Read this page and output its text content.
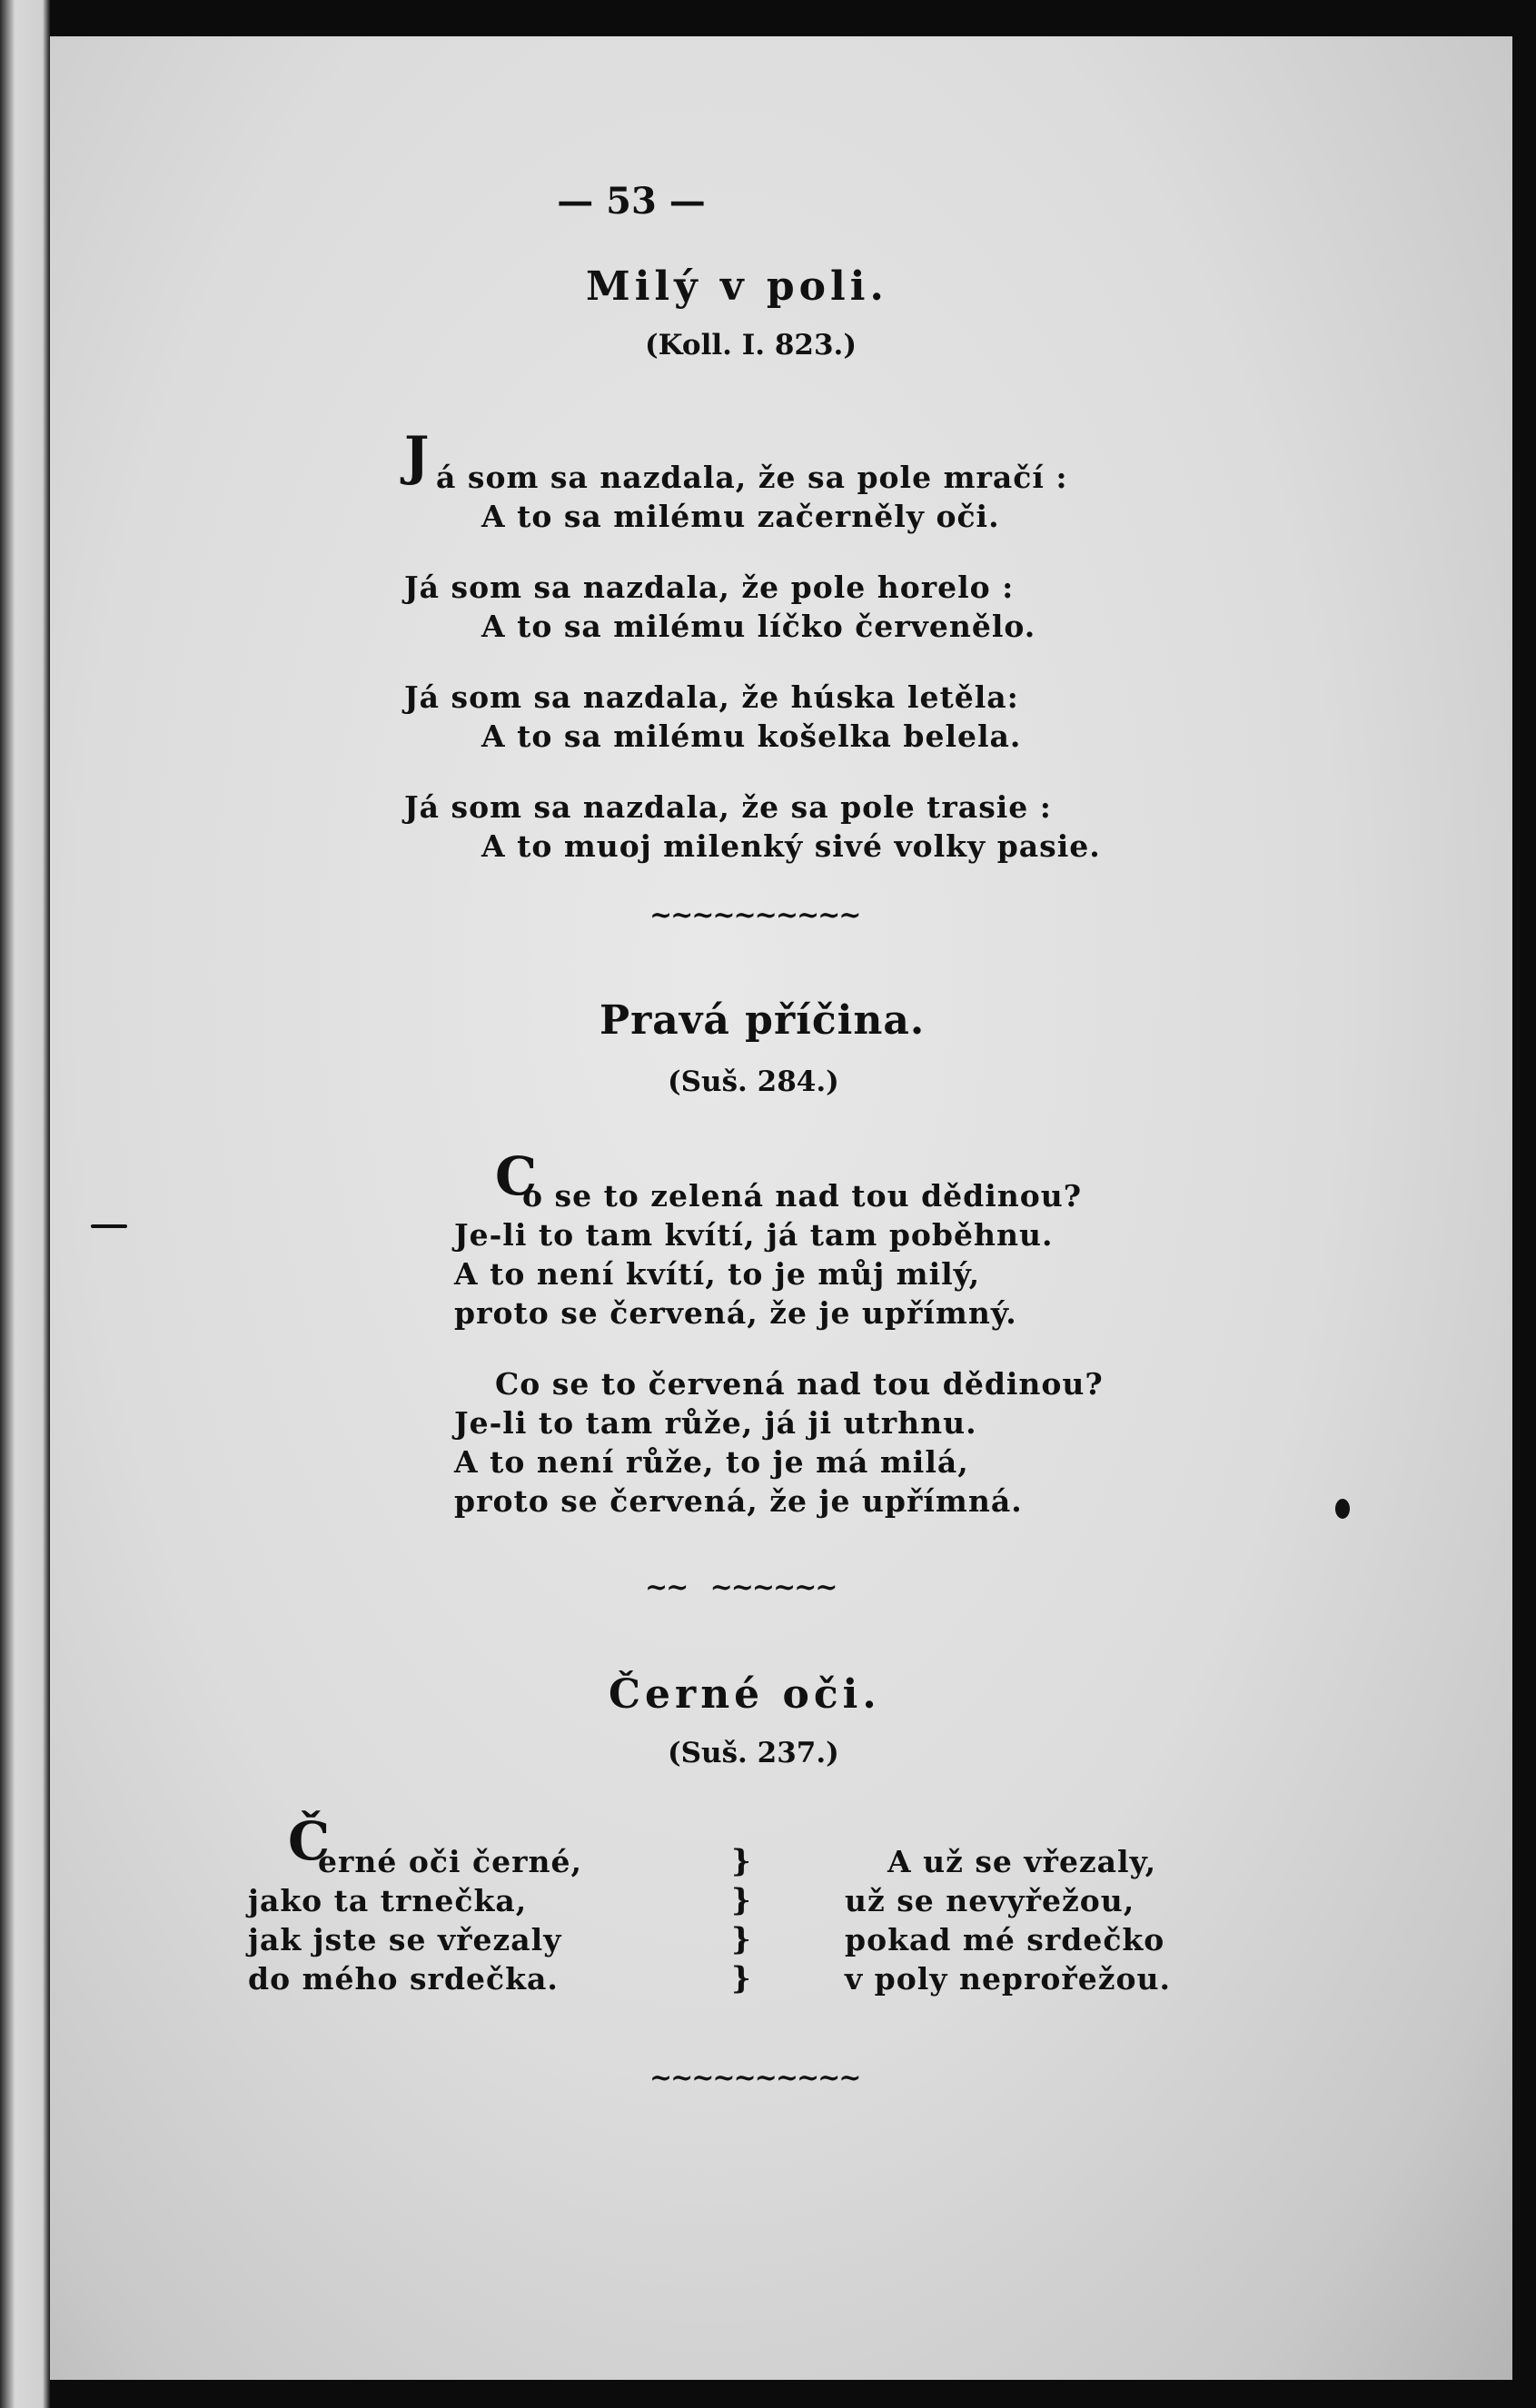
— 53 —
Milý v poli.
(Koll. I. 823.)
J á som sa nazdala, že sa pole mračí :
A to sa milému začerněly oči.
Já som sa nazdala, že pole horelo :
A to sa milému líčko červenělo.
Já som sa nazdala, že húska letěla:
A to sa milému košelka belela.
Já som sa nazdala, že sa pole trasie :
A to muoj milenký sivé volky pasie.
~~~~~~~~~~
Pravá příčina.
(Suš. 284.)
C
o se to zelená nad tou dědinou?
Je-li to tam kvítí, já tam poběhnu.
A to není kvítí, to je můj milý,
proto se červená, že je upřímný.
Co se to červená nad tou dědinou?
Je-li to tam růže, já ji utrhnu.
A to není růže, to je má milá,
proto se červená, že je upřímná.
~~   ~~~~~~
Černé oči.
(Suš. 237.)
Č
erné oči černé,
jako ta trnečka,
jak jste se vřezaly
do mého srdečka.
}
}
}
}
A už se vřezaly,
už se nevyřežou,
pokad mé srdečko
v poly neprořežou.
~~~~~~~~~~
